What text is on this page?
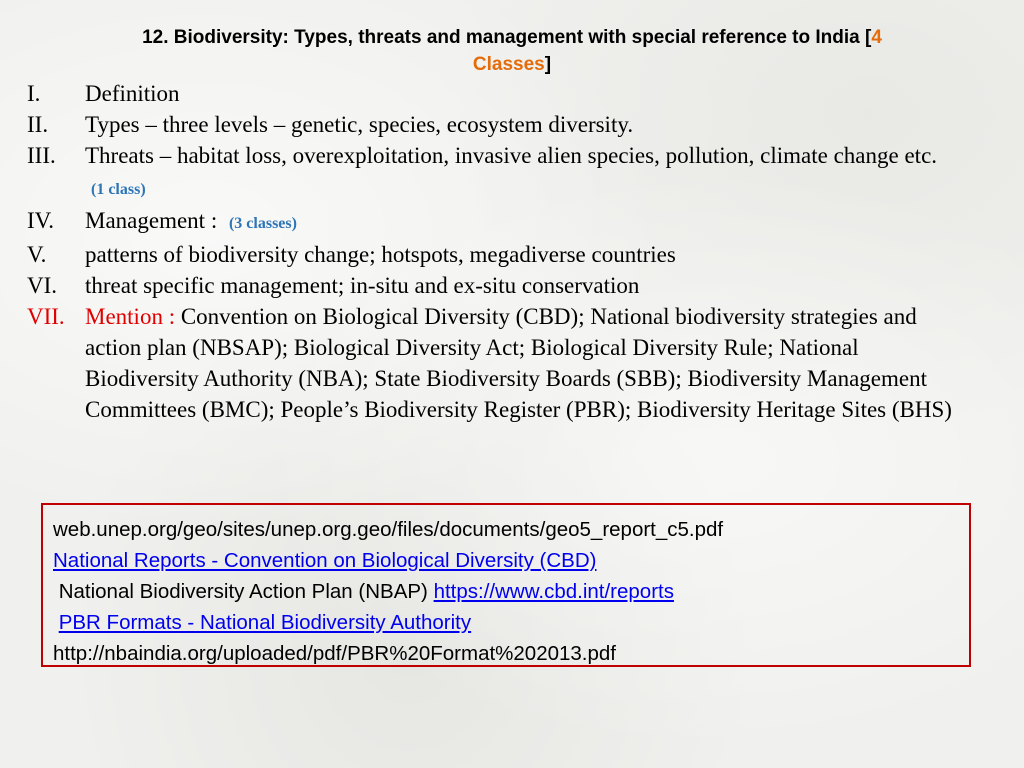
12. Biodiversity: Types, threats and management with special reference to India [4
Classes]
I. Definition
II. Types – three levels – genetic, species, ecosystem diversity.
III. Threats – habitat loss, overexploitation, invasive alien species, pollution, climate change etc. (1 class)
IV. Management : (3 classes)
V. patterns of biodiversity change; hotspots, megadiverse countries
VI. threat specific management; in-situ and ex-situ conservation
VII. Mention : Convention on Biological Diversity (CBD); National biodiversity strategies and action plan (NBSAP); Biological Diversity Act; Biological Diversity Rule; National Biodiversity Authority (NBA); State Biodiversity Boards (SBB); Biodiversity Management Committees (BMC); People’s Biodiversity Register (PBR); Biodiversity Heritage Sites (BHS)
web.unep.org/geo/sites/unep.org.geo/files/documents/geo5_report_c5.pdf
National Reports - Convention on Biological Diversity (CBD)
National Biodiversity Action Plan (NBAP) https://www.cbd.int/reports
PBR Formats - National Biodiversity Authority
http://nbaindia.org/uploaded/pdf/PBR%20Format%202013.pdf
